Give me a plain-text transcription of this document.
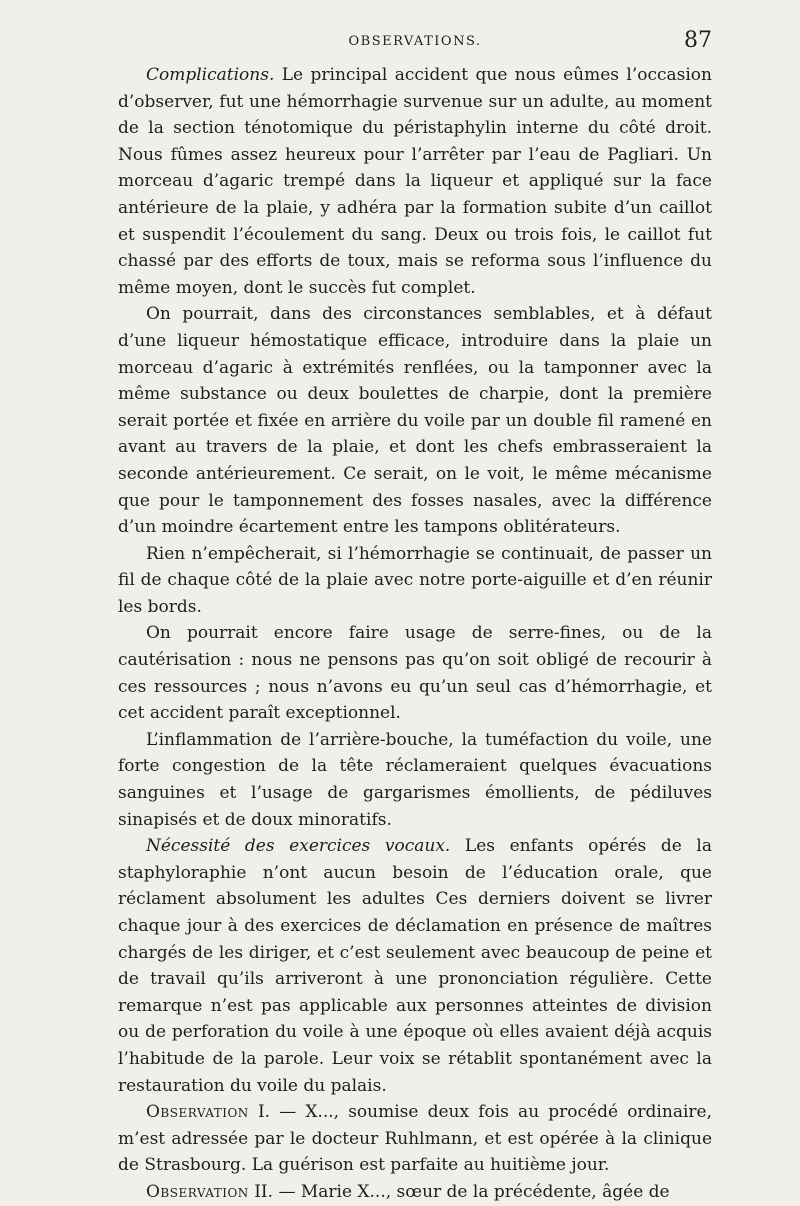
OBSERVATIONS.	87

Complications. Le principal accident que nous eûmes l’occasion d’observer, fut une hémorrhagie survenue sur un adulte, au moment de la section ténotomique du péristaphylin interne du côté droit. Nous fûmes assez heureux pour l’arrêter par l’eau de Pagliari. Un morceau d’agaric trempé dans la liqueur et appliqué sur la face antérieure de la plaie, y adhéra par la formation subite d’un caillot et suspendit l’écoulement du sang. Deux ou trois fois, le caillot fut chassé par des efforts de toux, mais se reforma sous l’influence du même moyen, dont le succès fut complet.

On pourrait, dans des circonstances semblables, et à défaut d’une liqueur hémostatique efficace, introduire dans la plaie un morceau d’agaric à extrémités renflées, ou la tamponner avec la même substance ou deux boulettes de charpie, dont la première serait portée et fixée en arrière du voile par un double fil ramené en avant au travers de la plaie, et dont les chefs embrasseraient la seconde antérieurement. Ce serait, on le voit, le même mécanisme que pour le tamponnement des fosses nasales, avec la différence d’un moindre écartement entre les tampons oblitérateurs.

Rien n’empêcherait, si l’hémorrhagie se continuait, de passer un fil de chaque côté de la plaie avec notre porte-aiguille et d’en réunir les bords.

On pourrait encore faire usage de serre-fines, ou de la cautérisation : nous ne pensons pas qu’on soit obligé de recourir à ces ressources ; nous n’avons eu qu’un seul cas d’hémorrhagie, et cet accident paraît exceptionnel.

L’inflammation de l’arrière-bouche, la tuméfaction du voile, une forte congestion de la tête réclameraient quelques évacuations sanguines et l’usage de gargarismes émollients, de pédiluves sinapisés et de doux minoratifs.

Nécessité des exercices vocaux. Les enfants opérés de la staphyloraphie n’ont aucun besoin de l’éducation orale, que réclament absolument les adultes Ces derniers doivent se livrer chaque jour à des exercices de déclamation en présence de maîtres chargés de les diriger, et c’est seulement avec beaucoup de peine et de travail qu’ils arriveront à une prononciation régulière. Cette remarque n’est pas applicable aux personnes atteintes de division ou de perforation du voile à une époque où elles avaient déjà acquis l’habitude de la parole. Leur voix se rétablit spontanément avec la restauration du voile du palais.

Observation I. — X..., soumise deux fois au procédé ordinaire, m’est adressée par le docteur Ruhlmann, et est opérée à la clinique de Strasbourg. La guérison est parfaite au huitième jour.

Observation II. — Marie X..., sœur de la précédente, âgée de
